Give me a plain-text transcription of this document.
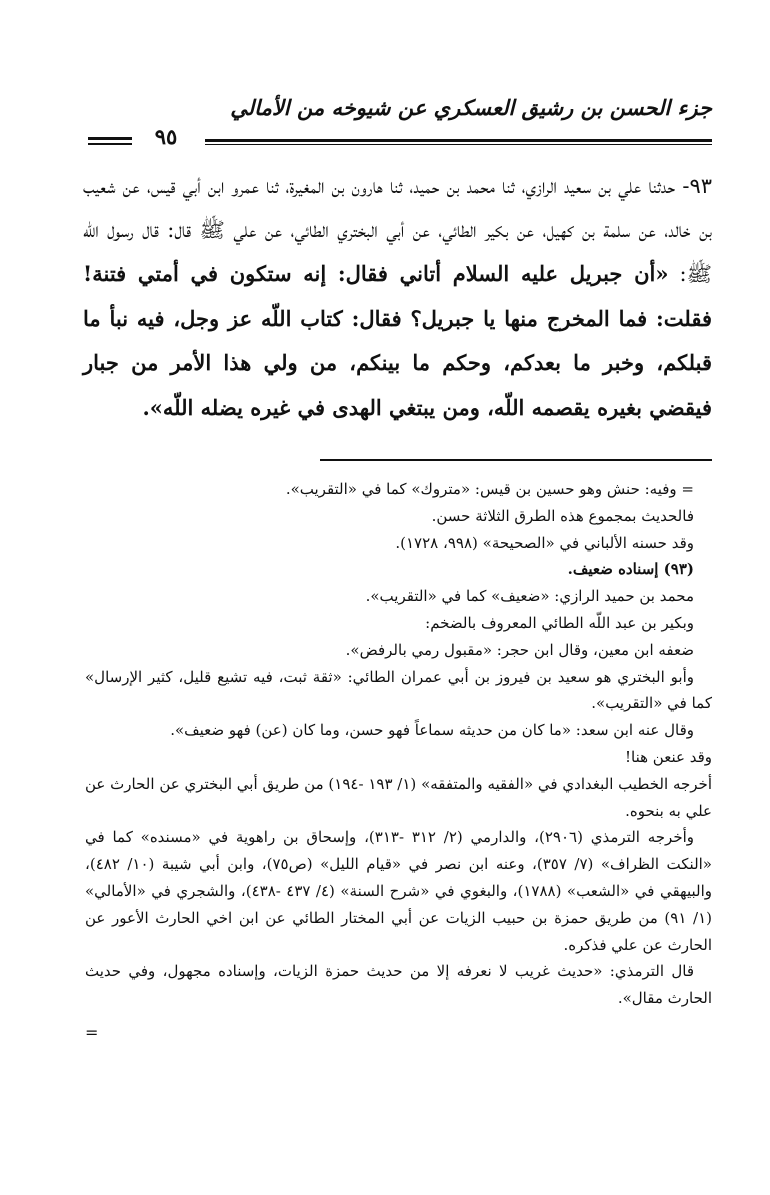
جزء الحسن بن رشيق العسكري عن شيوخه من الأمالي
٩٥
٩٣- حدثنا علي بن سعيد الرازي، ثنا محمد بن حميد، ثنا هارون بن المغيرة، ثنا عمرو ابن أبي قيس، عن شعيب بن خالد، عن سلمة بن كهيل، عن بكير الطائي، عن أبي البختري الطائي، عن علي ﷺ قال: قال رسول اللّه ﷺ: «أن جبريل عليه السلام أتاني فقال: إنه ستكون في أمتي فتنة! فقلت: فما المخرج منها يا جبريل؟ فقال: كتاب اللّه عز وجل، فيه نبأ ما قبلكم، وخبر ما بعدكم، وحكم ما بينكم، من ولي هذا الأمر من جبار فيقضي بغيره يقصمه اللّه، ومن يبتغي الهدى في غيره يضله اللّه».

= وفيه: حنش وهو حسين بن قيس: «متروك» كما في «التقريب».

فالحديث بمجموع هذه الطرق الثلاثة حسن.

وقد حسنه الألباني في «الصحيحة» (٩٩٨، ١٧٢٨).

(٩٣) إسناده ضعيف.

محمد بن حميد الرازي: «ضعيف» كما في «التقريب».

وبكير بن عبد اللّه الطائي المعروف بالضخم:

ضعفه ابن معين، وقال ابن حجر: «مقبول رمي بالرفض».

وأبو البختري هو سعيد بن فيروز بن أبي عمران الطائي: «ثقة ثبت، فيه تشيع قليل، كثير الإرسال» كما في «التقريب».

وقال عنه ابن سعد: «ما كان من حديثه سماعاً فهو حسن، وما كان (عن) فهو ضعيف».

وقد عنعن هنا!

أخرجه الخطيب البغدادي في «الفقيه والمتفقه» (١/ ١٩٣ -١٩٤) من طريق أبي البختري عن الحارث عن علي به بنحوه.

وأخرجه الترمذي (٢٩٠٦)، والدارمي (٢/ ٣١٢ -٣١٣)، وإسحاق بن راهوية في «مسنده» كما في «النكت الظراف» (٧/ ٣٥٧)، وعنه ابن نصر في «قيام الليل» (ص٧٥)، وابن أبي شيبة (١٠/ ٤٨٢)، والبيهقي في «الشعب» (١٧٨٨)، والبغوي في «شرح السنة» (٤/ ٤٣٧ -٤٣٨)، والشجري في «الأمالي» (١/ ٩١) من طريق حمزة بن حبيب الزيات عن أبي المختار الطائي عن ابن اخي الحارث الأعور عن الحارث عن علي فذكره.

قال الترمذي: «حديث غريب لا نعرفه إلا من حديث حمزة الزيات، وإسناده مجهول، وفي حديث الحارث مقال».

=
